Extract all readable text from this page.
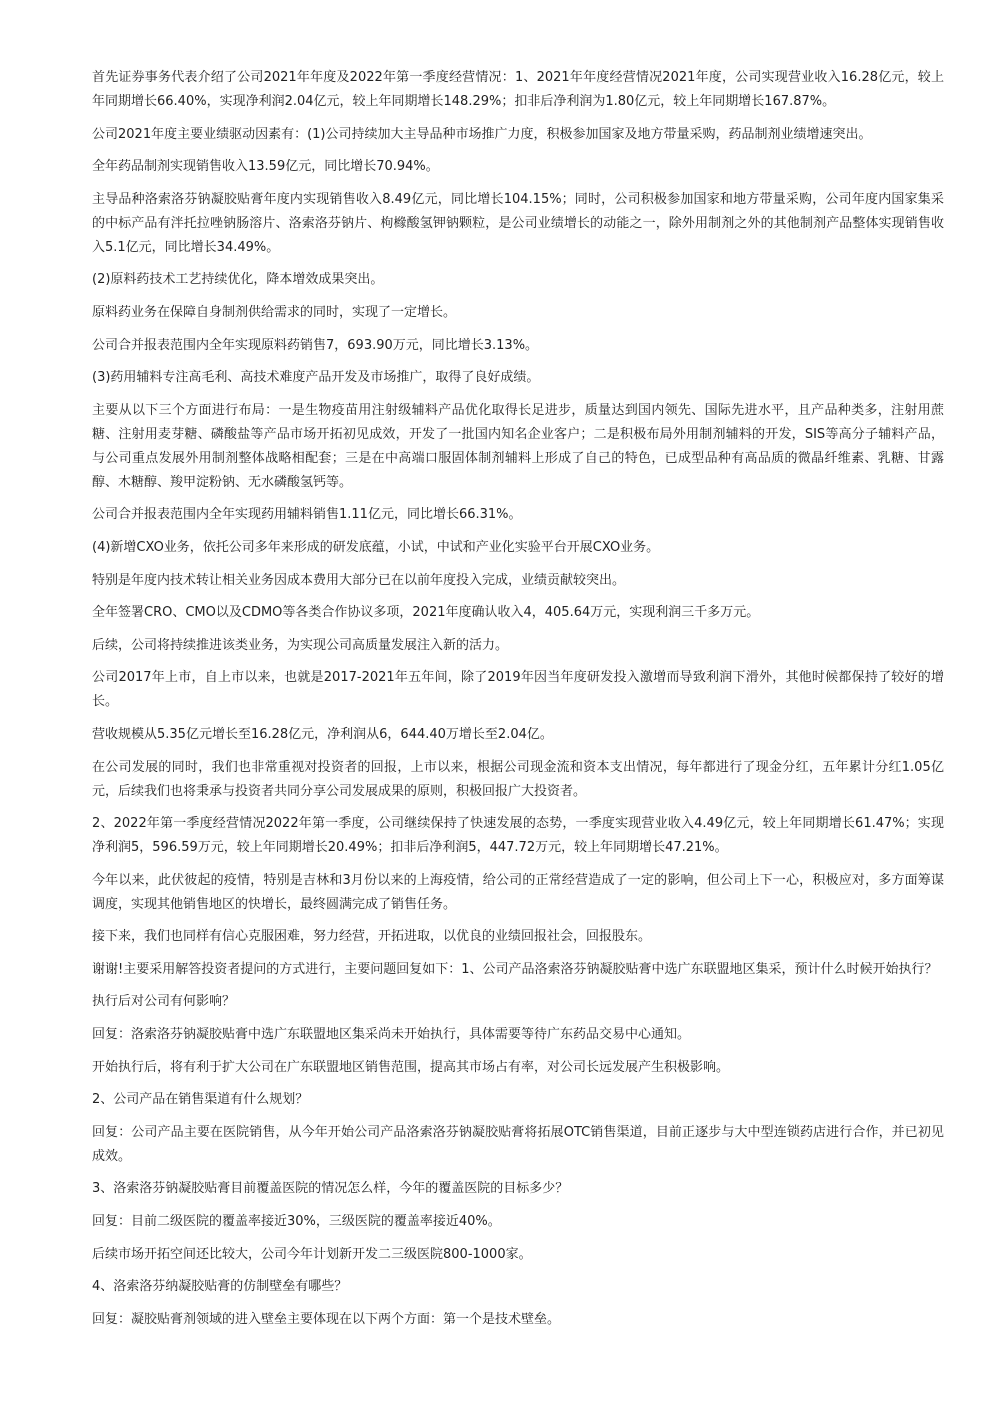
首先证券事务代表介绍了公司2021年年度及2022年第一季度经营情况：1、2021年年度经营情况2021年度，公司实现营业收入16.28亿元，较上年同期增长66.40%，实现净利润2.04亿元，较上年同期增长148.29%；扣非后净利润为1.80亿元，较上年同期增长167.87%。

公司2021年度主要业绩驱动因素有：(1)公司持续加大主导品种市场推广力度，积极参加国家及地方带量采购，药品制剂业绩增速突出。

全年药品制剂实现销售收入13.59亿元，同比增长70.94%。

主导品种洛索洛芬钠凝胶贴膏年度内实现销售收入8.49亿元，同比增长104.15%；同时，公司积极参加国家和地方带量采购，公司年度内国家集采的中标产品有泮托拉唑钠肠溶片、洛索洛芬钠片、枸橼酸氢钾钠颗粒，是公司业绩增长的动能之一，除外用制剂之外的其他制剂产品整体实现销售收入5.1亿元，同比增长34.49%。

(2)原料药技术工艺持续优化，降本增效成果突出。

原料药业务在保障自身制剂供给需求的同时，实现了一定增长。

公司合并报表范围内全年实现原料药销售7，693.90万元，同比增长3.13%。

(3)药用辅料专注高毛利、高技术难度产品开发及市场推广，取得了良好成绩。

主要从以下三个方面进行布局：一是生物疫苗用注射级辅料产品优化取得长足进步，质量达到国内领先、国际先进水平，且产品种类多，注射用蔗糖、注射用麦芽糖、磷酸盐等产品市场开拓初见成效，开发了一批国内知名企业客户；二是积极布局外用制剂辅料的开发，SIS等高分子辅料产品，与公司重点发展外用制剂整体战略相配套；三是在中高端口服固体制剂辅料上形成了自己的特色，已成型品种有高品质的微晶纤维素、乳糖、甘露醇、木糖醇、羧甲淀粉钠、无水磷酸氢钙等。

公司合并报表范围内全年实现药用辅料销售1.11亿元，同比增长66.31%。

(4)新增CXO业务，依托公司多年来形成的研发底蕴，小试，中试和产业化实验平台开展CXO业务。

特别是年度内技术转让相关业务因成本费用大部分已在以前年度投入完成，业绩贡献较突出。

全年签署CRO、CMO以及CDMO等各类合作协议多项，2021年度确认收入4，405.64万元，实现利润三千多万元。

后续，公司将持续推进该类业务，为实现公司高质量发展注入新的活力。

公司2017年上市，自上市以来，也就是2017-2021年五年间，除了2019年因当年度研发投入激增而导致利润下滑外，其他时候都保持了较好的增长。

营收规模从5.35亿元增长至16.28亿元，净利润从6，644.40万增长至2.04亿。

在公司发展的同时，我们也非常重视对投资者的回报，上市以来，根据公司现金流和资本支出情况，每年都进行了现金分红，五年累计分红1.05亿元，后续我们也将秉承与投资者共同分享公司发展成果的原则，积极回报广大投资者。

2、2022年第一季度经营情况2022年第一季度，公司继续保持了快速发展的态势，一季度实现营业收入4.49亿元，较上年同期增长61.47%；实现净利润5，596.59万元，较上年同期增长20.49%；扣非后净利润5，447.72万元，较上年同期增长47.21%。

今年以来，此伏彼起的疫情，特别是吉林和3月份以来的上海疫情，给公司的正常经营造成了一定的影响，但公司上下一心，积极应对，多方面筹谋调度，实现其他销售地区的快增长，最终圆满完成了销售任务。

接下来，我们也同样有信心克服困难，努力经营，开拓进取，以优良的业绩回报社会，回报股东。

谢谢!主要采用解答投资者提问的方式进行，主要问题回复如下：1、公司产品洛索洛芬钠凝胶贴膏中选广东联盟地区集采，预计什么时候开始执行？

执行后对公司有何影响？

回复：洛索洛芬钠凝胶贴膏中选广东联盟地区集采尚未开始执行，具体需要等待广东药品交易中心通知。

开始执行后，将有利于扩大公司在广东联盟地区销售范围，提高其市场占有率，对公司长远发展产生积极影响。

2、公司产品在销售渠道有什么规划？

回复：公司产品主要在医院销售，从今年开始公司产品洛索洛芬钠凝胶贴膏将拓展OTC销售渠道，目前正逐步与大中型连锁药店进行合作，并已初见成效。

3、洛索洛芬钠凝胶贴膏目前覆盖医院的情况怎么样，今年的覆盖医院的目标多少？

回复：目前二级医院的覆盖率接近30%，三级医院的覆盖率接近40%。

后续市场开拓空间还比较大，公司今年计划新开发二三级医院800-1000家。

4、洛索洛芬纳凝胶贴膏的仿制壁垒有哪些？

回复：凝胶贴膏剂领域的进入壁垒主要体现在以下两个方面：第一个是技术壁垒。
